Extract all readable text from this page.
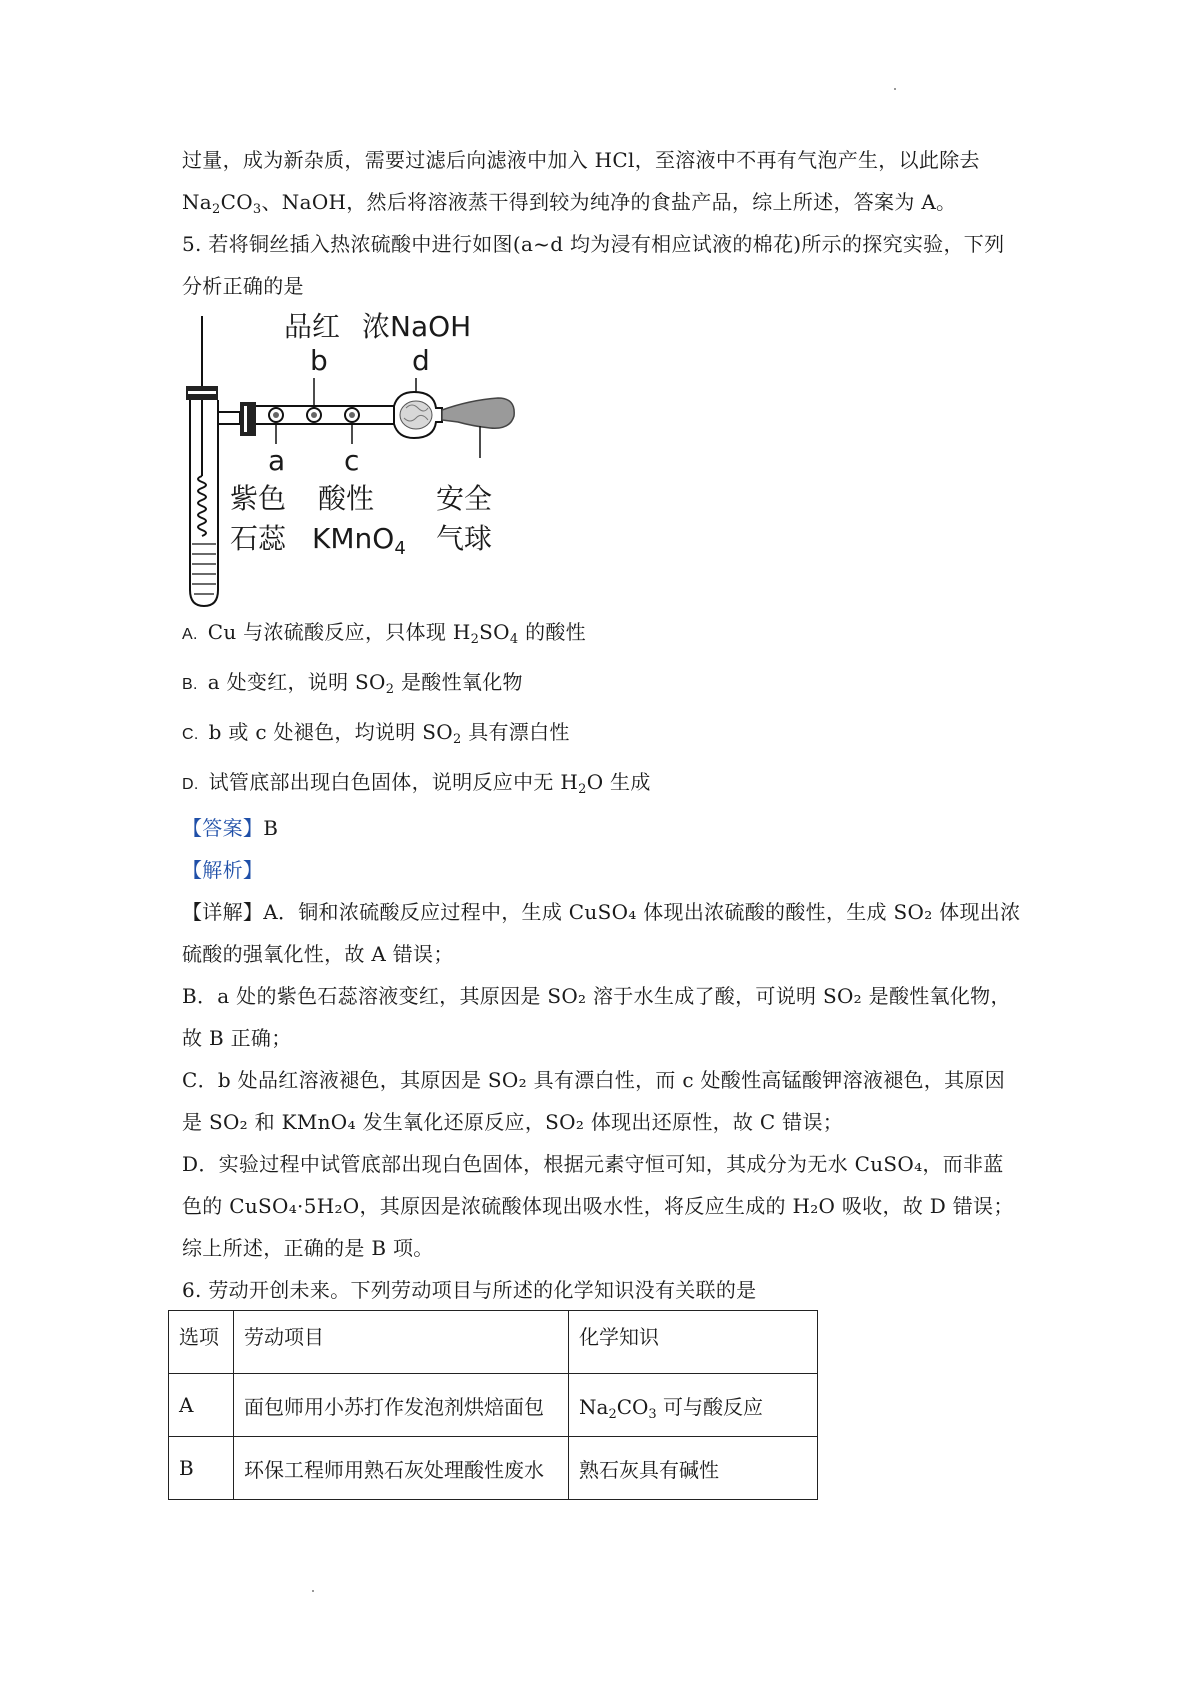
过量，成为新杂质，需要过滤后向滤液中加入 HCl，至溶液中不再有气泡产生，以此除去
$Na_2CO_3$、NaOH，然后将溶液蒸干得到较为纯净的食盐产品，综上所述，答案为 A。
5. 若将铜丝插入热浓硫酸中进行如图(a~d 均为浸有相应试液的棉花)所示的探究实验，下列
分析正确的是
品红 浓NaOH
b	d
a c
紫色
石蕊
酸性
KMnO$_4$
安全
气球
A. Cu 与浓硫酸反应，只体现 $H_2SO_4$ 的酸性
B. a 处变红，说明 $SO_2$ 是酸性氧化物
C. b 或 c 处褪色，均说明 $SO_2$ 具有漂白性
D. 试管底部出现白色固体，说明反应中无 $H_2O$ 生成
【答案】B
【解析】
【详解】A．铜和浓硫酸反应过程中，生成 CuSO₄ 体现出浓硫酸的酸性，生成 SO₂ 体现出浓
硫酸的强氧化性，故 A 错误；
B．a 处的紫色石蕊溶液变红，其原因是 SO₂ 溶于水生成了酸，可说明 SO₂ 是酸性氧化物，
故 B 正确；
C．b 处品红溶液褪色，其原因是 SO₂ 具有漂白性，而 c 处酸性高锰酸钾溶液褪色，其原因
是 SO₂ 和 KMnO₄ 发生氧化还原反应，SO₂ 体现出还原性，故 C 错误；
D．实验过程中试管底部出现白色固体，根据元素守恒可知，其成分为无水 CuSO₄，而非蓝
色的 CuSO₄·5H₂O，其原因是浓硫酸体现出吸水性，将反应生成的 H₂O 吸收，故 D 错误；
综上所述，正确的是 B 项。
6. 劳动开创未来。下列劳动项目与所述的化学知识没有关联的是
选项	劳动项目	化学知识
A	面包师用小苏打作发泡剂烘焙面包	$Na_2CO_3$ 可与酸反应
B	环保工程师用熟石灰处理酸性废水	熟石灰具有碱性
